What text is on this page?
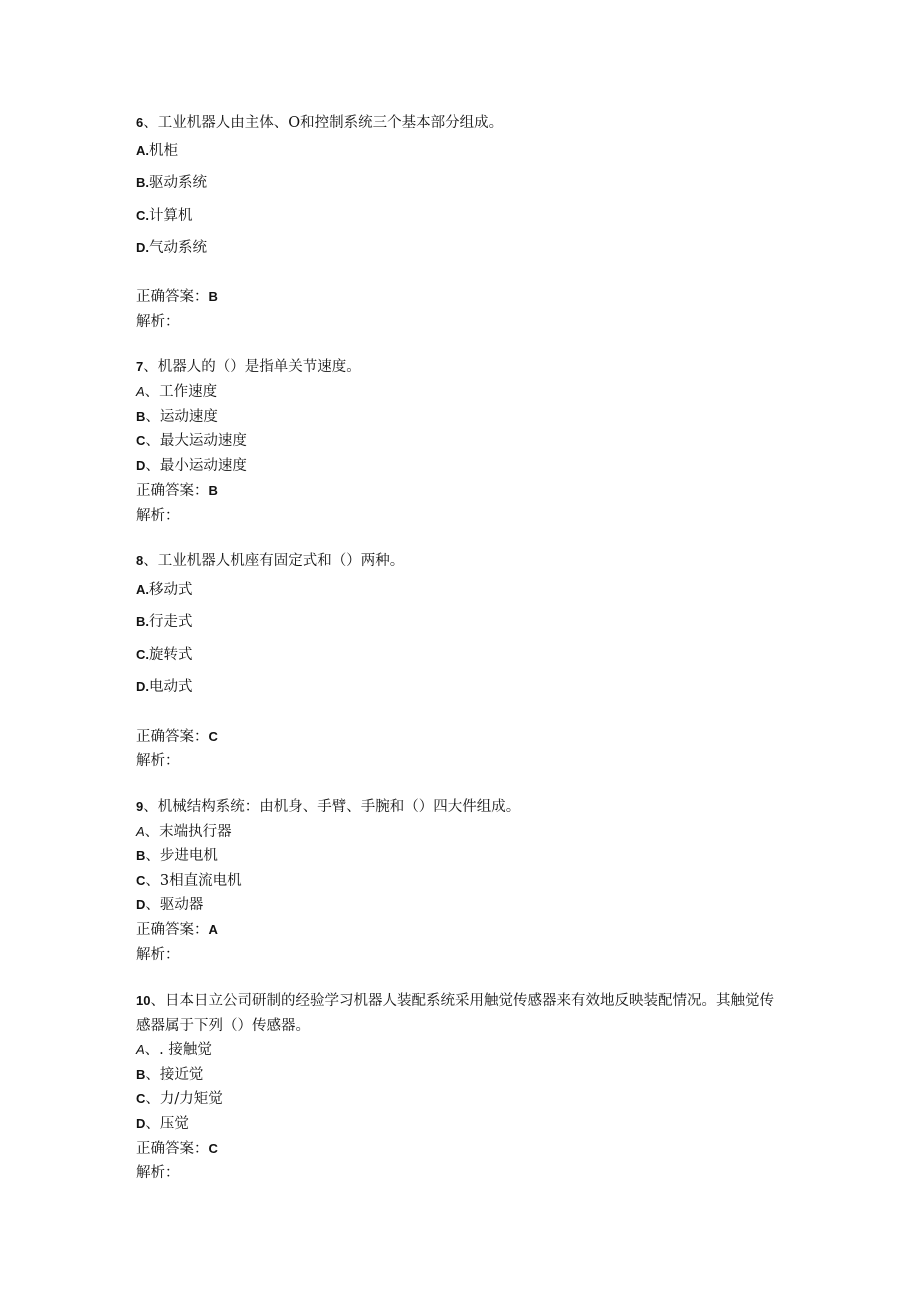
6、工业机器人由主体、O和控制系统三个基本部分组成。
A.机柜
B.驱动系统
C.计算机
D.气动系统
正确答案：B
解析：
7、机器人的（）是指单关节速度。
A、工作速度
B、运动速度
C、最大运动速度
D、最小运动速度
正确答案：B
解析：
8、工业机器人机座有固定式和（）两种。
A.移动式
B.行走式
C.旋转式
D.电动式
正确答案：C
解析：
9、机械结构系统：由机身、手臂、手腕和（）四大件组成。
A、末端执行器
B、步进电机
C、3相直流电机
D、驱动器
正确答案：A
解析：
10、日本日立公司研制的经验学习机器人装配系统采用触觉传感器来有效地反映装配情况。其触觉传感器属于下列（）传感器。
A、. 接触觉
B、接近觉
C、力/力矩觉
D、压觉
正确答案：C
解析：
